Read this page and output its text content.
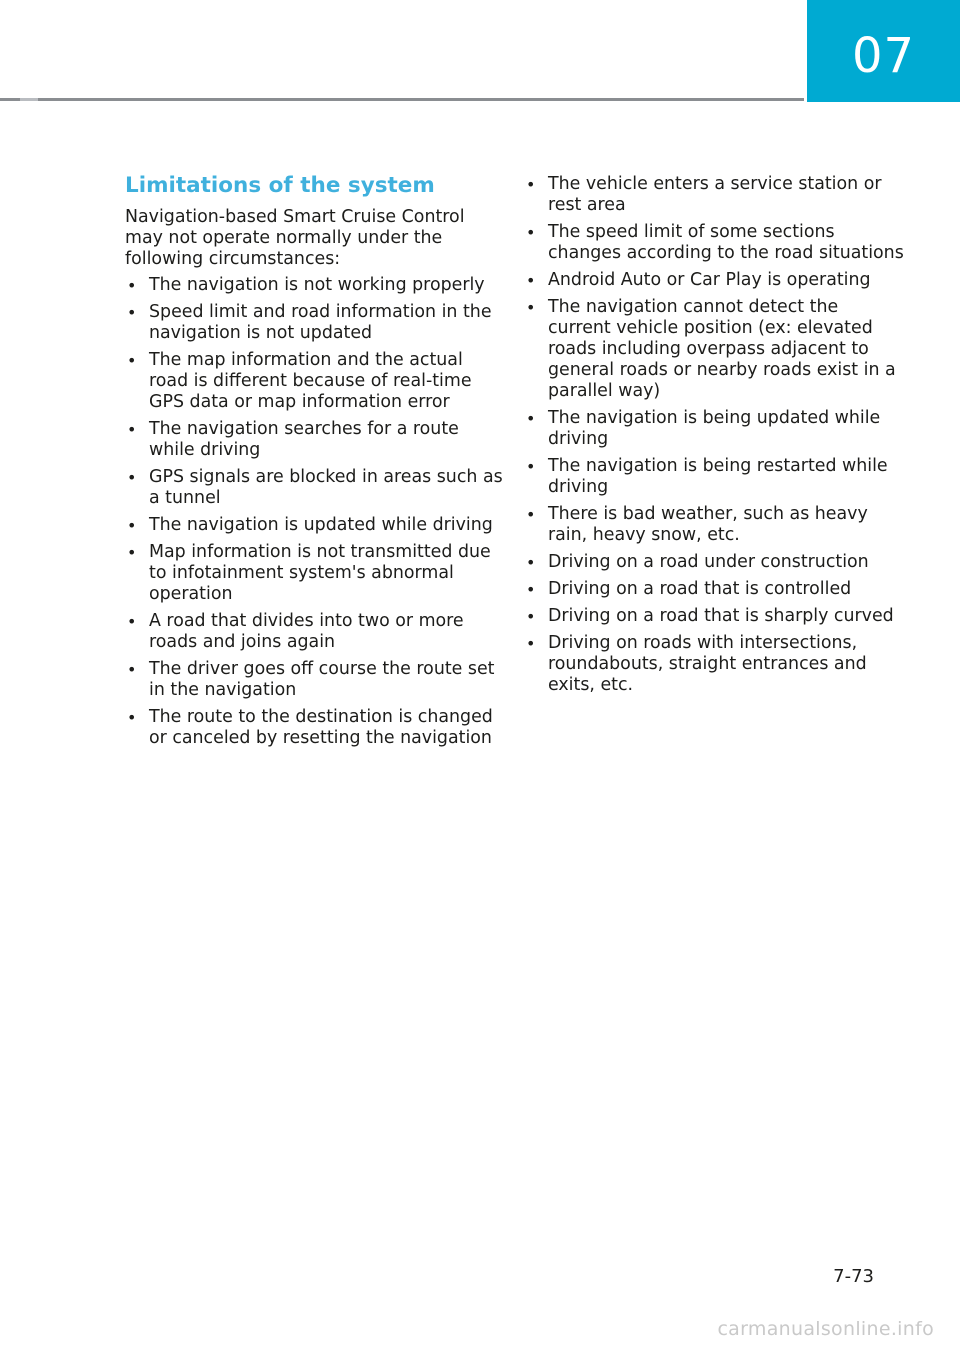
07
Limitations of the system

Navigation-based Smart Cruise Control may not operate normally under the following circumstances:

• The navigation is not working properly
• Speed limit and road information in the navigation is not updated
• The map information and the actual road is different because of real-time GPS data or map information error
• The navigation searches for a route while driving
• GPS signals are blocked in areas such as a tunnel
• The navigation is updated while driving
• Map information is not transmitted due to infotainment system's abnormal operation
• A road that divides into two or more roads and joins again
• The driver goes off course the route set in the navigation
• The route to the destination is changed or canceled by resetting the navigation
• The vehicle enters a service station or rest area
• The speed limit of some sections changes according to the road situations
• Android Auto or Car Play is operating
• The navigation cannot detect the current vehicle position (ex: elevated roads including overpass adjacent to general roads or nearby roads exist in a parallel way)
• The navigation is being updated while driving
• The navigation is being restarted while driving
• There is bad weather, such as heavy rain, heavy snow, etc.
• Driving on a road under construction
• Driving on a road that is controlled
• Driving on a road that is sharply curved
• Driving on roads with intersections, roundabouts, straight entrances and exits, etc.
7-73
carmanualsonline.info
